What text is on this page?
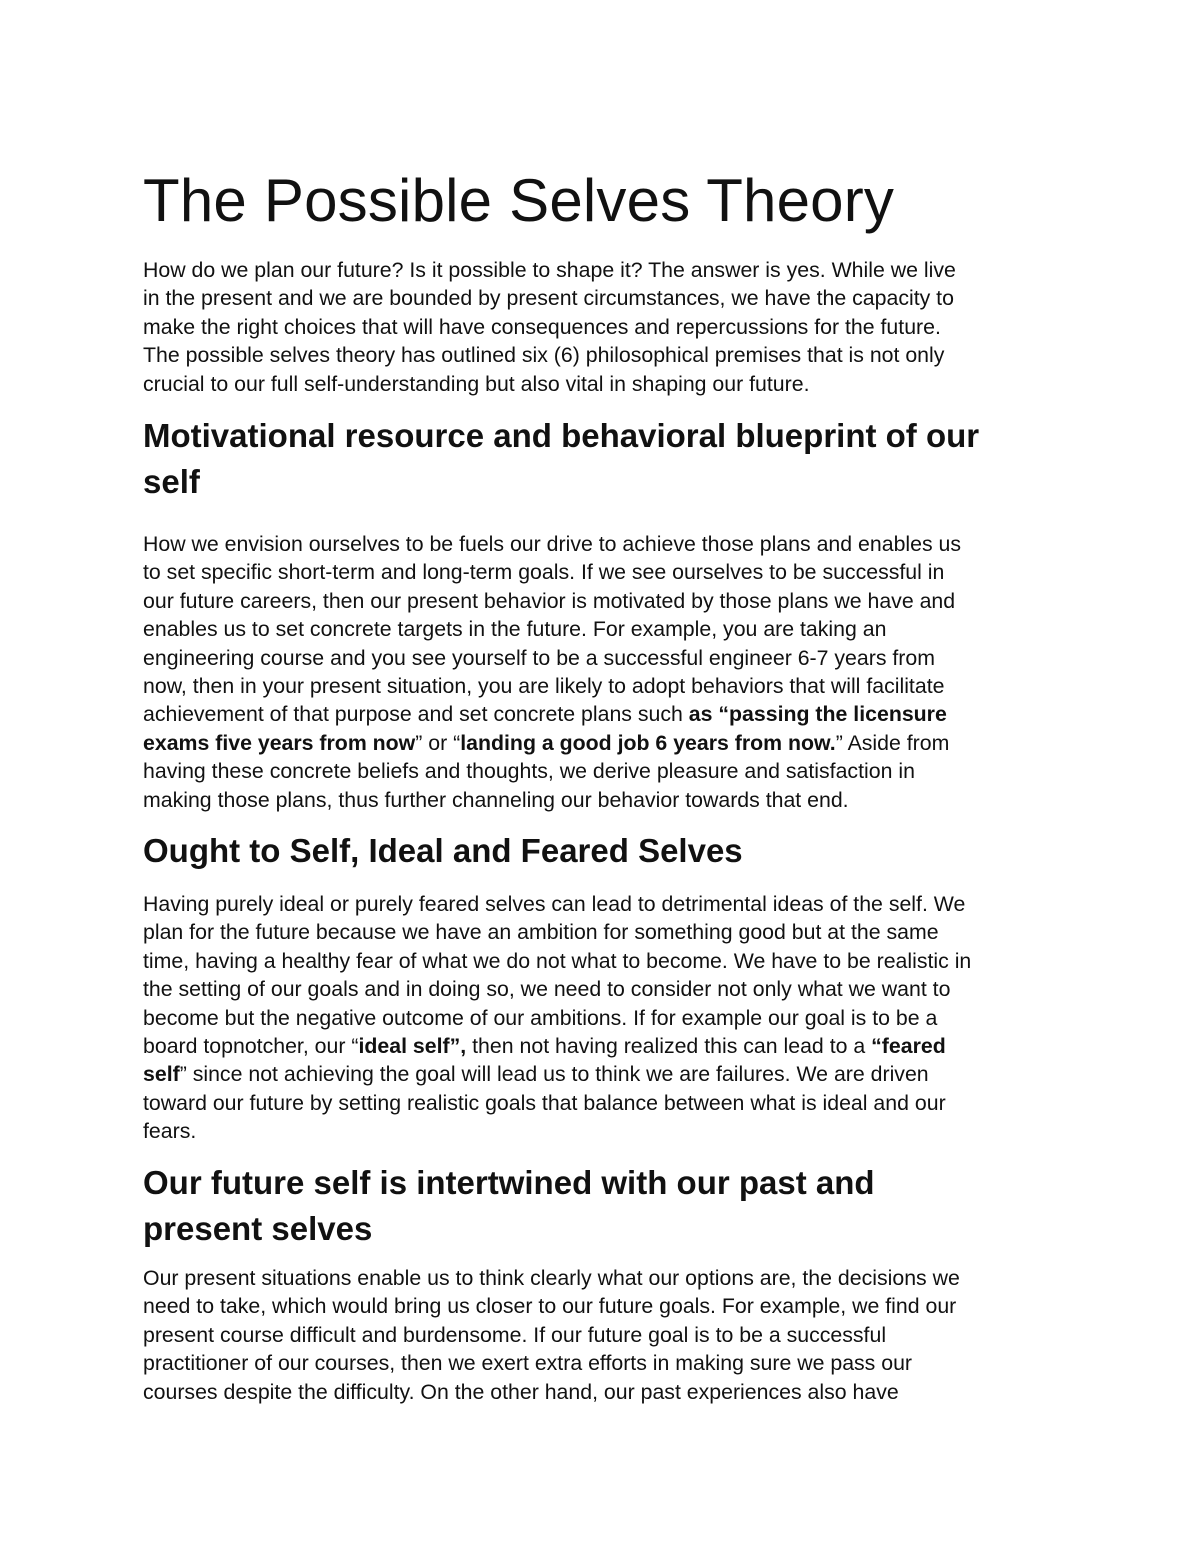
The Possible Selves Theory
How do we plan our future? Is it possible to shape it? The answer is yes. While we live
in the present and we are bounded by present circumstances, we have the capacity to
make the right choices that will have consequences and repercussions for the future.
The possible selves theory has outlined six (6) philosophical premises that is not only
crucial to our full self-understanding but also vital in shaping our future.
Motivational resource and behavioral blueprint of our
self
How we envision ourselves to be fuels our drive to achieve those plans and enables us
to set specific short-term and long-term goals. If we see ourselves to be successful in
our future careers, then our present behavior is motivated by those plans we have and
enables us to set concrete targets in the future. For example, you are taking an
engineering course and you see yourself to be a successful engineer 6-7 years from
now, then in your present situation, you are likely to adopt behaviors that will facilitate
achievement of that purpose and set concrete plans such as “passing the licensure
exams five years from now” or “landing a good job 6 years from now.” Aside from
having these concrete beliefs and thoughts, we derive pleasure and satisfaction in
making those plans, thus further channeling our behavior towards that end.
Ought to Self, Ideal and Feared Selves
Having purely ideal or purely feared selves can lead to detrimental ideas of the self. We
plan for the future because we have an ambition for something good but at the same
time, having a healthy fear of what we do not what to become. We have to be realistic in
the setting of our goals and in doing so, we need to consider not only what we want to
become but the negative outcome of our ambitions. If for example our goal is to be a
board topnotcher, our “ideal self”, then not having realized this can lead to a “feared
self” since not achieving the goal will lead us to think we are failures. We are driven
toward our future by setting realistic goals that balance between what is ideal and our
fears.
Our future self is intertwined with our past and
present selves
Our present situations enable us to think clearly what our options are, the decisions we
need to take, which would bring us closer to our future goals. For example, we find our
present course difficult and burdensome. If our future goal is to be a successful
practitioner of our courses, then we exert extra efforts in making sure we pass our
courses despite the difficulty. On the other hand, our past experiences also have
